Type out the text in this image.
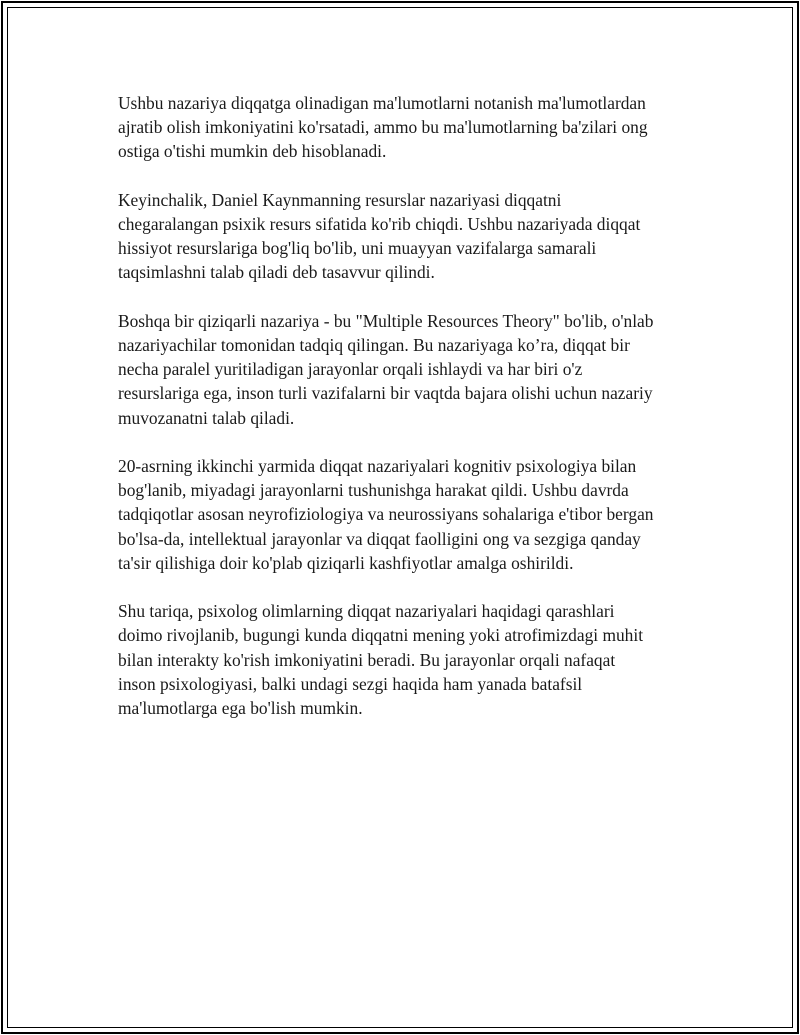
Ushbu nazariya diqqatga olinadigan ma'lumotlarni notanish ma'lumotlardan
ajratib olish imkoniyatini ko'rsatadi, ammo bu ma'lumotlarning ba'zilari ong
ostiga o'tishi mumkin deb hisoblanadi.

Keyinchalik, Daniel Kaynmanning resurslar nazariyasi diqqatni
chegaralangan psixik resurs sifatida ko'rib chiqdi. Ushbu nazariyada diqqat
hissiyot resurslariga bog'liq bo'lib, uni muayyan vazifalarga samarali
taqsimlashni talab qiladi deb tasavvur qilindi.

Boshqa bir qiziqarli nazariya - bu "Multiple Resources Theory" bo'lib, o'nlab
nazariyachilar tomonidan tadqiq qilingan. Bu nazariyaga ko’ra, diqqat bir
necha paralel yuritiladigan jarayonlar orqali ishlaydi va har biri o'z
resurslariga ega, inson turli vazifalarni bir vaqtda bajara olishi uchun nazariy
muvozanatni talab qiladi.

20-asrning ikkinchi yarmida diqqat nazariyalari kognitiv psixologiya bilan
bog'lanib, miyadagi jarayonlarni tushunishga harakat qildi. Ushbu davrda
tadqiqotlar asosan neyrofiziologiya va neurossiyans sohalariga e'tibor bergan
bo'lsa-da, intellektual jarayonlar va diqqat faolligini ong va sezgiga qanday
ta'sir qilishiga doir ko'plab qiziqarli kashfiyotlar amalga oshirildi.

Shu tariqa, psixolog olimlarning diqqat nazariyalari haqidagi qarashlari
doimo rivojlanib, bugungi kunda diqqatni mening yoki atrofimizdagi muhit
bilan interakty ko'rish imkoniyatini beradi. Bu jarayonlar orqali nafaqat
inson psixologiyasi, balki undagi sezgi haqida ham yanada batafsil
ma'lumotlarga ega bo'lish mumkin.
